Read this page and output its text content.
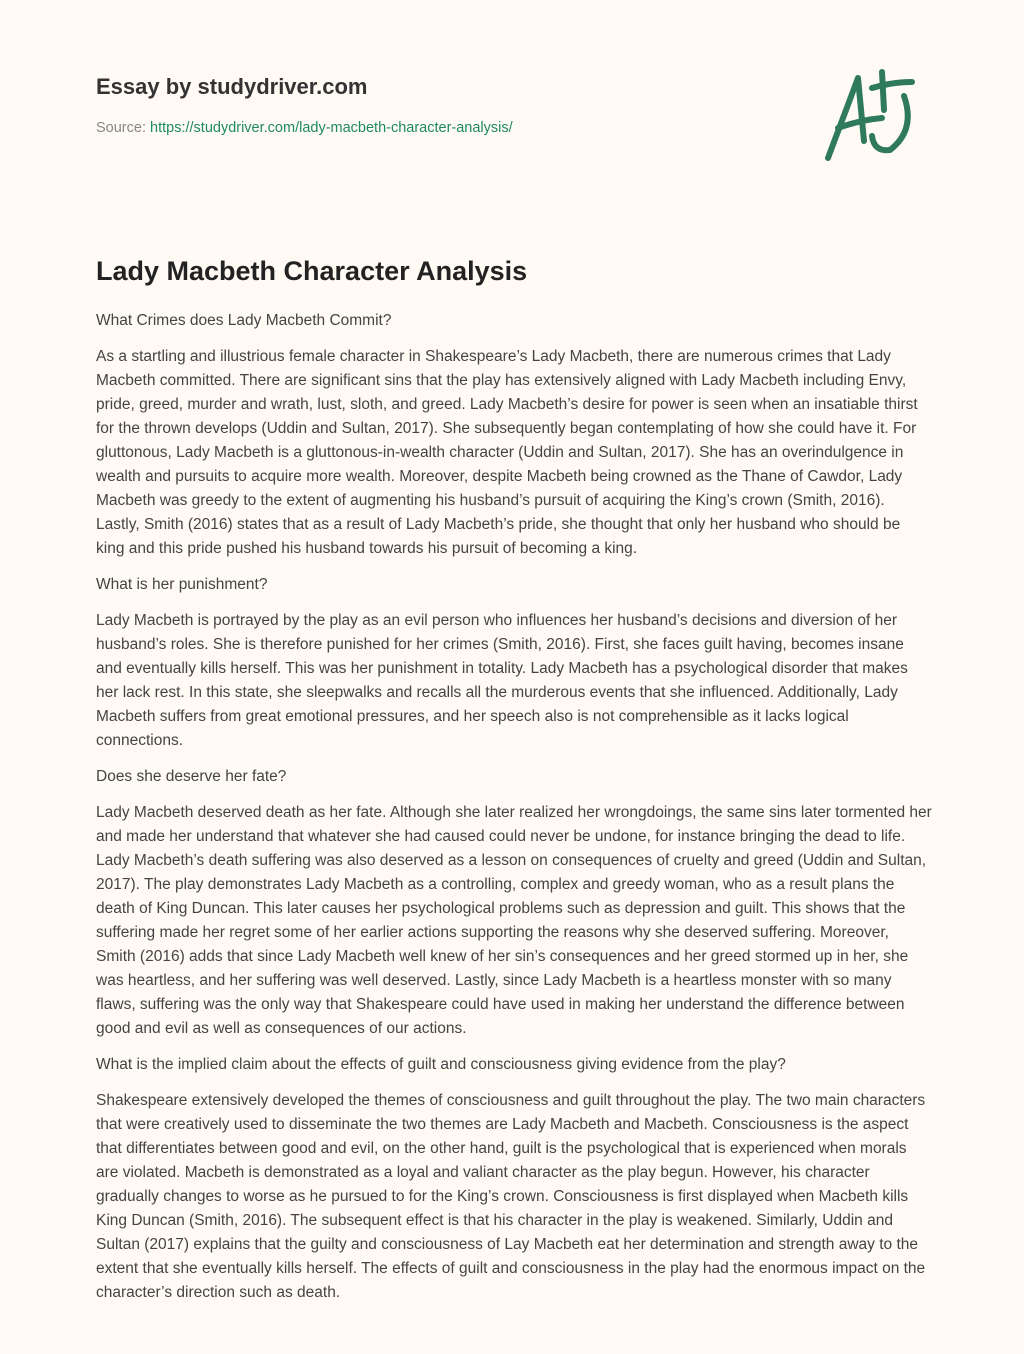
Essay by studydriver.com
Source: https://studydriver.com/lady-macbeth-character-analysis/
Lady Macbeth Character Analysis

What Crimes does Lady Macbeth Commit?

As a startling and illustrious female character in Shakespeare’s Lady Macbeth, there are numerous crimes that Lady Macbeth committed. There are significant sins that the play has extensively aligned with Lady Macbeth including Envy, pride, greed, murder and wrath, lust, sloth, and greed. Lady Macbeth’s desire for power is seen when an insatiable thirst for the thrown develops (Uddin and Sultan, 2017). She subsequently began contemplating of how she could have it. For gluttonous, Lady Macbeth is a gluttonous-in-wealth character (Uddin and Sultan, 2017). She has an overindulgence in wealth and pursuits to acquire more wealth. Moreover, despite Macbeth being crowned as the Thane of Cawdor, Lady Macbeth was greedy to the extent of augmenting his husband’s pursuit of acquiring the King’s crown (Smith, 2016). Lastly, Smith (2016) states that as a result of Lady Macbeth’s pride, she thought that only her husband who should be king and this pride pushed his husband towards his pursuit of becoming a king.

What is her punishment?

Lady Macbeth is portrayed by the play as an evil person who influences her husband’s decisions and diversion of her husband’s roles. She is therefore punished for her crimes (Smith, 2016). First, she faces guilt having, becomes insane and eventually kills herself. This was her punishment in totality. Lady Macbeth has a psychological disorder that makes her lack rest. In this state, she sleepwalks and recalls all the murderous events that she influenced. Additionally, Lady Macbeth suffers from great emotional pressures, and her speech also is not comprehensible as it lacks logical connections.

Does she deserve her fate?

Lady Macbeth deserved death as her fate. Although she later realized her wrongdoings, the same sins later tormented her and made her understand that whatever she had caused could never be undone, for instance bringing the dead to life. Lady Macbeth’s death suffering was also deserved as a lesson on consequences of cruelty and greed (Uddin and Sultan, 2017). The play demonstrates Lady Macbeth as a controlling, complex and greedy woman, who as a result plans the death of King Duncan. This later causes her psychological problems such as depression and guilt. This shows that the suffering made her regret some of her earlier actions supporting the reasons why she deserved suffering. Moreover, Smith (2016) adds that since Lady Macbeth well knew of her sin’s consequences and her greed stormed up in her, she was heartless, and her suffering was well deserved. Lastly, since Lady Macbeth is a heartless monster with so many flaws, suffering was the only way that Shakespeare could have used in making her understand the difference between good and evil as well as consequences of our actions.

What is the implied claim about the effects of guilt and consciousness giving evidence from the play?

Shakespeare extensively developed the themes of consciousness and guilt throughout the play. The two main characters that were creatively used to disseminate the two themes are Lady Macbeth and Macbeth. Consciousness is the aspect that differentiates between good and evil, on the other hand, guilt is the psychological that is experienced when morals are violated. Macbeth is demonstrated as a loyal and valiant character as the play begun. However, his character gradually changes to worse as he pursued to for the King’s crown. Consciousness is first displayed when Macbeth kills King Duncan (Smith, 2016). The subsequent effect is that his character in the play is weakened. Similarly, Uddin and Sultan (2017) explains that the guilty and consciousness of Lay Macbeth eat her determination and strength away to the extent that she eventually kills herself. The effects of guilt and consciousness in the play had the enormous impact on the character’s direction such as death.
